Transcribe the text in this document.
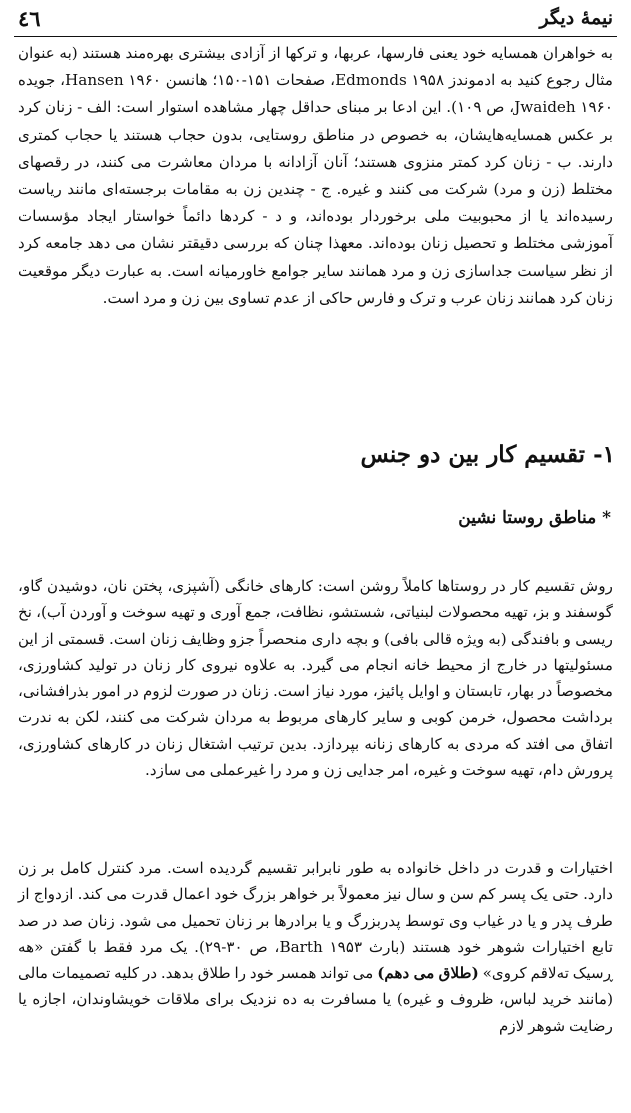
٤٦	نیمهٔ دیگر

به خواهران همسایه خود یعنی فارسها، عربها، و ترکها از آزادی بیشتری بهره‌مند هستند (به عنوان مثال رجوع کنید به ادموندز Edmonds ۱۹۵۸، صفحات ۱۵۱-۱۵۰؛ هانسن Hansen ۱۹۶۰، جویده Jwaideh ۱۹۶۰، ص ۱۰۹). این ادعا بر مبنای حداقل چهار مشاهده استوار است: الف - زنان کرد بر عکس همسایه‌هایشان، به خصوص در مناطق روستایی، بدون حجاب هستند یا حجاب کمتری دارند. ب - زنان کرد کمتر منزوی هستند؛ آنان آزادانه با مردان معاشرت می کنند، در رقصهای مختلط (زن و مرد) شرکت می کنند و غیره. ج - چندین زن به مقامات برجسته‌ای مانند ریاست رسیده‌اند یا از محبوبیت ملی برخوردار بوده‌اند، و د - کردها دائماً خواستار ایجاد مؤسسات آموزشی مختلط و تحصیل زنان بوده‌اند. معهذا چنان که بررسی دقیقتر نشان می دهد جامعه کرد از نظر سیاست جداسازی زن و مرد همانند سایر جوامع خاورمیانه است. به عبارت دیگر موقعیت زنان کرد همانند زنان عرب و ترک و فارس حاکی از عدم تساوی بین زن و مرد است.

۱- تقسیم کار بین دو جنس
* مناطق روستا نشین

روش تقسیم کار در روستاها کاملاً روشن است: کارهای خانگی (آشپزی، پختن نان، دوشیدن گاو، گوسفند و بز، تهیه محصولات لبنیاتی، شستشو، نظافت، جمع آوری و تهیه سوخت و آوردن آب)، نخ ریسی و بافندگی (به ویژه قالی بافی) و بچه داری منحصراً جزو وظایف زنان است. قسمتی از این مسئولیتها در خارج از محیط خانه انجام می گیرد. به علاوه نیروی کار زنان در تولید کشاورزی، مخصوصاً در بهار، تابستان و اوایل پائیز، مورد نیاز است. زنان در صورت لزوم در امور بذرافشانی، برداشت محصول، خرمن کوبی و سایر کارهای مربوط به مردان شرکت می کنند، لکن به ندرت اتفاق می افتد که مردی به کارهای زنانه بپردازد. بدین ترتیب اشتغال زنان در کارهای کشاورزی، پرورش دام، تهیه سوخت و غیره، امر جدایی زن و مرد را غیرعملی می سازد.

اختیارات و قدرت در داخل خانواده به طور نابرابر تقسیم گردیده است. مرد کنترل کامل بر زن دارد. حتی یک پسر کم سن و سال نیز معمولاً بر خواهر بزرگ خود اعمال قدرت می کند. ازدواج از طرف پدر و یا در غیاب وی توسط پدربزرگ و یا برادرها بر زنان تحمیل می شود. زنان صد در صد تابع اختیارات شوهر خود هستند (بارث Barth ۱۹۵۳، ص ۳۰-۲۹). یک مرد فقط با گفتن «هه ڕسیک تەلاقم کروی» (طلاق می دهم) می تواند همسر خود را طلاق بدهد. در کلیه تصمیمات مالی (مانند خرید لباس، ظروف و غیره) یا مسافرت به ده نزدیک برای ملاقات خویشاوندان، اجازه یا رضایت شوهر لازم
